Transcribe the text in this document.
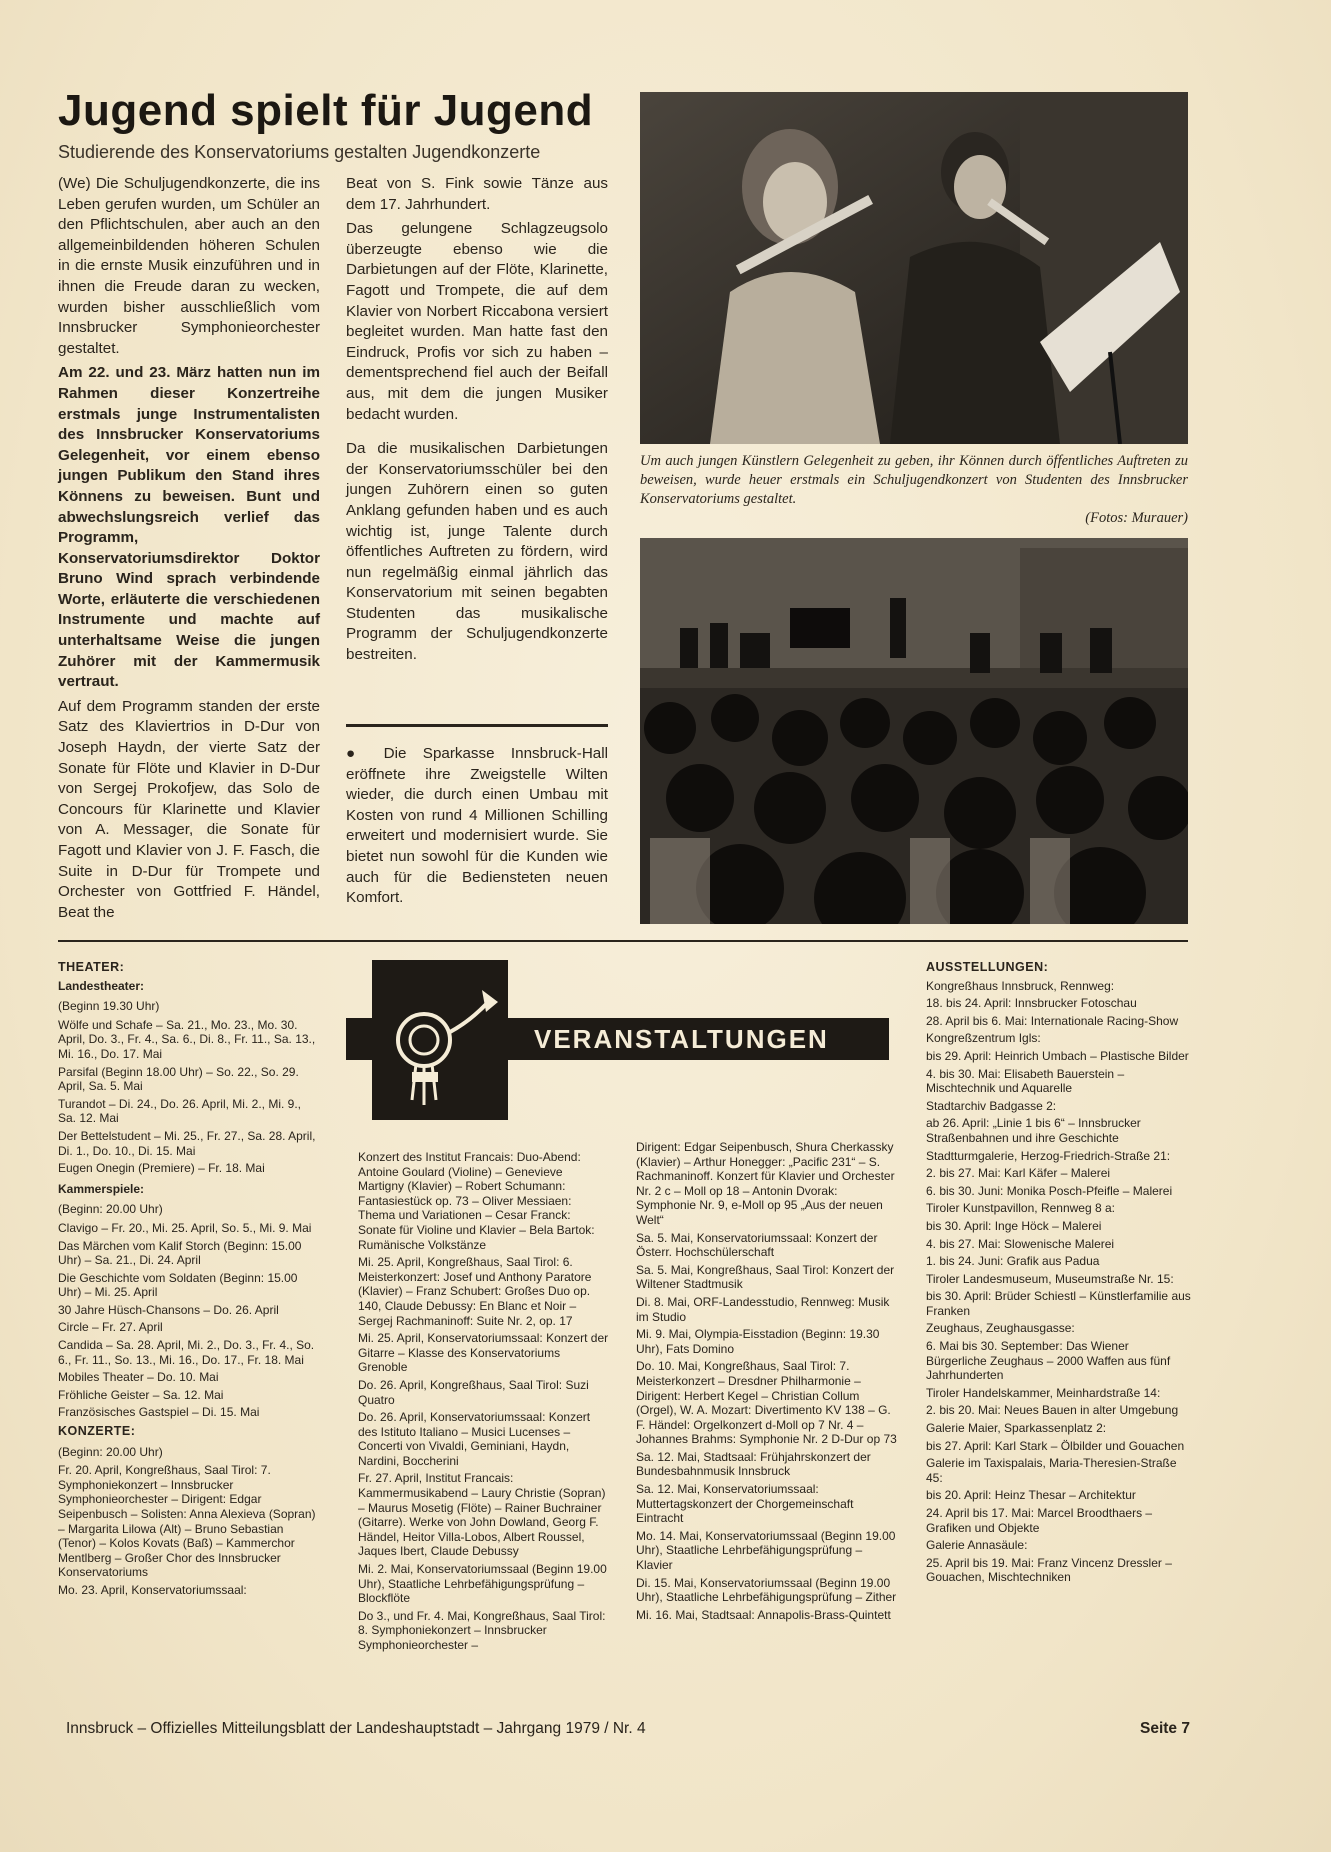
Jugend spielt für Jugend

Studierende des Konservatoriums gestalten Jugendkonzerte

(We) Die Schuljugendkonzerte, die ins Leben gerufen wurden, um Schüler an den Pflichtschulen, aber auch an den allgemeinbildenden höheren Schulen in die ernste Musik einzuführen und in ihnen die Freude daran zu wecken, wurden bisher ausschließlich vom Innsbrucker Symphonieorchester gestaltet.

Am 22. und 23. März hatten nun im Rahmen dieser Konzertreihe erstmals junge Instrumentalisten des Innsbrucker Konservatoriums Gelegenheit, vor einem ebenso jungen Publikum den Stand ihres Könnens zu beweisen. Bunt und abwechslungsreich verlief das Programm, Konservatoriumsdirektor Doktor Bruno Wind sprach verbindende Worte, erläuterte die verschiedenen Instrumente und machte auf unterhaltsame Weise die jungen Zuhörer mit der Kammermusik vertraut.

Auf dem Programm standen der erste Satz des Klaviertrios in D-Dur von Joseph Haydn, der vierte Satz der Sonate für Flöte und Klavier in D-Dur von Sergej Prokofjew, das Solo de Concours für Klarinette und Klavier von A. Messager, die Sonate für Fagott und Klavier von J. F. Fasch, die Suite in D-Dur für Trompete und Orchester von Gottfried F. Händel, Beat the

Beat von S. Fink sowie Tänze aus dem 17. Jahrhundert.

Das gelungene Schlagzeugsolo überzeugte ebenso wie die Darbietungen auf der Flöte, Klarinette, Fagott und Trompete, die auf dem Klavier von Norbert Riccabona versiert begleitet wurden. Man hatte fast den Eindruck, Profis vor sich zu haben – dementsprechend fiel auch der Beifall aus, mit dem die jungen Musiker bedacht wurden.

Da die musikalischen Darbietungen der Konservatoriumsschüler bei den jungen Zuhörern einen so guten Anklang gefunden haben und es auch wichtig ist, junge Talente durch öffentliches Auftreten zu fördern, wird nun regelmäßig einmal jährlich das Konservatorium mit seinen begabten Studenten das musikalische Programm der Schuljugendkonzerte bestreiten.

● Die Sparkasse Innsbruck-Hall eröffnete ihre Zweigstelle Wilten wieder, die durch einen Umbau mit Kosten von rund 4 Millionen Schilling erweitert und modernisiert wurde. Sie bietet nun sowohl für die Kunden wie auch für die Bediensteten neuen Komfort.

Um auch jungen Künstlern Gelegenheit zu geben, ihr Können durch öffentliches Auftreten zu beweisen, wurde heuer erstmals ein Schuljugendkonzert von Studenten des Innsbrucker Konservatoriums gestaltet.
(Fotos: Murauer)
VERANSTALTUNGEN

THEATER:

Landestheater:

(Beginn 19.30 Uhr)

Wölfe und Schafe – Sa. 21., Mo. 23., Mo. 30. April, Do. 3., Fr. 4., Sa. 6., Di. 8., Fr. 11., Sa. 13., Mi. 16., Do. 17. Mai

Parsifal (Beginn 18.00 Uhr) – So. 22., So. 29. April, Sa. 5. Mai

Turandot – Di. 24., Do. 26. April, Mi. 2., Mi. 9., Sa. 12. Mai

Der Bettelstudent – Mi. 25., Fr. 27., Sa. 28. April, Di. 1., Do. 10., Di. 15. Mai

Eugen Onegin (Premiere) – Fr. 18. Mai

Kammerspiele:

(Beginn: 20.00 Uhr)

Clavigo – Fr. 20., Mi. 25. April, So. 5., Mi. 9. Mai

Das Märchen vom Kalif Storch (Beginn: 15.00 Uhr) – Sa. 21., Di. 24. April

Die Geschichte vom Soldaten (Beginn: 15.00 Uhr) – Mi. 25. April

30 Jahre Hüsch-Chansons – Do. 26. April

Circle – Fr. 27. April

Candida – Sa. 28. April, Mi. 2., Do. 3., Fr. 4., So. 6., Fr. 11., So. 13., Mi. 16., Do. 17., Fr. 18. Mai

Mobiles Theater – Do. 10. Mai

Fröhliche Geister – Sa. 12. Mai

Französisches Gastspiel – Di. 15. Mai

KONZERTE:

(Beginn: 20.00 Uhr)

Fr. 20. April, Kongreßhaus, Saal Tirol: 7. Symphoniekonzert – Innsbrucker Symphonieorchester – Dirigent: Edgar Seipenbusch – Solisten: Anna Alexieva (Sopran) – Margarita Lilowa (Alt) – Bruno Sebastian (Tenor) – Kolos Kovats (Baß) – Kammerchor Mentlberg – Großer Chor des Innsbrucker Konservatoriums

Mo. 23. April, Konservatoriumssaal:

Konzert des Institut Francais: Duo-Abend: Antoine Goulard (Violine) – Genevieve Martigny (Klavier) – Robert Schumann: Fantasiestück op. 73 – Oliver Messiaen: Thema und Variationen – Cesar Franck: Sonate für Violine und Klavier – Bela Bartok: Rumänische Volkstänze

Mi. 25. April, Kongreßhaus, Saal Tirol: 6. Meisterkonzert: Josef und Anthony Paratore (Klavier) – Franz Schubert: Großes Duo op. 140, Claude Debussy: En Blanc et Noir – Sergej Rachmaninoff: Suite Nr. 2, op. 17

Mi. 25. April, Konservatoriumssaal: Konzert der Gitarre – Klasse des Konservatoriums Grenoble

Do. 26. April, Kongreßhaus, Saal Tirol: Suzi Quatro

Do. 26. April, Konservatoriumssaal: Konzert des Istituto Italiano – Musici Lucenses – Concerti von Vivaldi, Geminiani, Haydn, Nardini, Boccherini

Fr. 27. April, Institut Francais: Kammermusikabend – Laury Christie (Sopran) – Maurus Mosetig (Flöte) – Rainer Buchrainer (Gitarre). Werke von John Dowland, Georg F. Händel, Heitor Villa-Lobos, Albert Roussel, Jaques Ibert, Claude Debussy

Mi. 2. Mai, Konservatoriumssaal (Beginn 19.00 Uhr), Staatliche Lehrbefähigungsprüfung – Blockflöte

Do 3., und Fr. 4. Mai, Kongreßhaus, Saal Tirol: 8. Symphoniekonzert – Innsbrucker Symphonieorchester –

Dirigent: Edgar Seipenbusch, Shura Cherkassky (Klavier) – Arthur Honegger: „Pacific 231“ – S. Rachmaninoff. Konzert für Klavier und Orchester Nr. 2 c – Moll op 18 – Antonin Dvorak: Symphonie Nr. 9, e-Moll op 95 „Aus der neuen Welt“

Sa. 5. Mai, Konservatoriumssaal: Konzert der Österr. Hochschülerschaft

Sa. 5. Mai, Kongreßhaus, Saal Tirol: Konzert der Wiltener Stadtmusik

Di. 8. Mai, ORF-Landesstudio, Rennweg: Musik im Studio

Mi. 9. Mai, Olympia-Eisstadion (Beginn: 19.30 Uhr), Fats Domino

Do. 10. Mai, Kongreßhaus, Saal Tirol: 7. Meisterkonzert – Dresdner Philharmonie – Dirigent: Herbert Kegel – Christian Collum (Orgel), W. A. Mozart: Divertimento KV 138 – G. F. Händel: Orgelkonzert d-Moll op 7 Nr. 4 – Johannes Brahms: Symphonie Nr. 2 D-Dur op 73

Sa. 12. Mai, Stadtsaal: Frühjahrskonzert der Bundesbahnmusik Innsbruck

Sa. 12. Mai, Konservatoriumssaal: Muttertagskonzert der Chorgemeinschaft Eintracht

Mo. 14. Mai, Konservatoriumssaal (Beginn 19.00 Uhr), Staatliche Lehrbefähigungsprüfung – Klavier

Di. 15. Mai, Konservatoriumssaal (Beginn 19.00 Uhr), Staatliche Lehrbefähigungsprüfung – Zither

Mi. 16. Mai, Stadtsaal: Annapolis-Brass-Quintett

AUSSTELLUNGEN:

Kongreßhaus Innsbruck, Rennweg:

18. bis 24. April: Innsbrucker Fotoschau

28. April bis 6. Mai: Internationale Racing-Show

Kongreßzentrum Igls:

bis 29. April: Heinrich Umbach – Plastische Bilder

4. bis 30. Mai: Elisabeth Bauerstein – Mischtechnik und Aquarelle

Stadtarchiv Badgasse 2:

ab 26. April: „Linie 1 bis 6“ – Innsbrucker Straßenbahnen und ihre Geschichte

Stadtturmgalerie, Herzog-Friedrich-Straße 21:

2. bis 27. Mai: Karl Käfer – Malerei

6. bis 30. Juni: Monika Posch-Pfeifle – Malerei

Tiroler Kunstpavillon, Rennweg 8 a:

bis 30. April: Inge Höck – Malerei

4. bis 27. Mai: Slowenische Malerei

1. bis 24. Juni: Grafik aus Padua

Tiroler Landesmuseum, Museumstraße Nr. 15:

bis 30. April: Brüder Schiestl – Künstlerfamilie aus Franken

Zeughaus, Zeughausgasse:

6. Mai bis 30. September: Das Wiener Bürgerliche Zeughaus – 2000 Waffen aus fünf Jahrhunderten

Tiroler Handelskammer, Meinhardstraße 14:

2. bis 20. Mai: Neues Bauen in alter Umgebung

Galerie Maier, Sparkassenplatz 2:

bis 27. April: Karl Stark – Ölbilder und Gouachen

Galerie im Taxispalais, Maria-Theresien-Straße 45:

bis 20. April: Heinz Thesar – Architektur

24. April bis 17. Mai: Marcel Broodthaers – Grafiken und Objekte

Galerie Annasäule:

25. April bis 19. Mai: Franz Vincenz Dressler – Gouachen, Mischtechniken

Innsbruck – Offizielles Mitteilungsblatt der Landeshauptstadt – Jahrgang 1979 / Nr. 4	Seite 7
